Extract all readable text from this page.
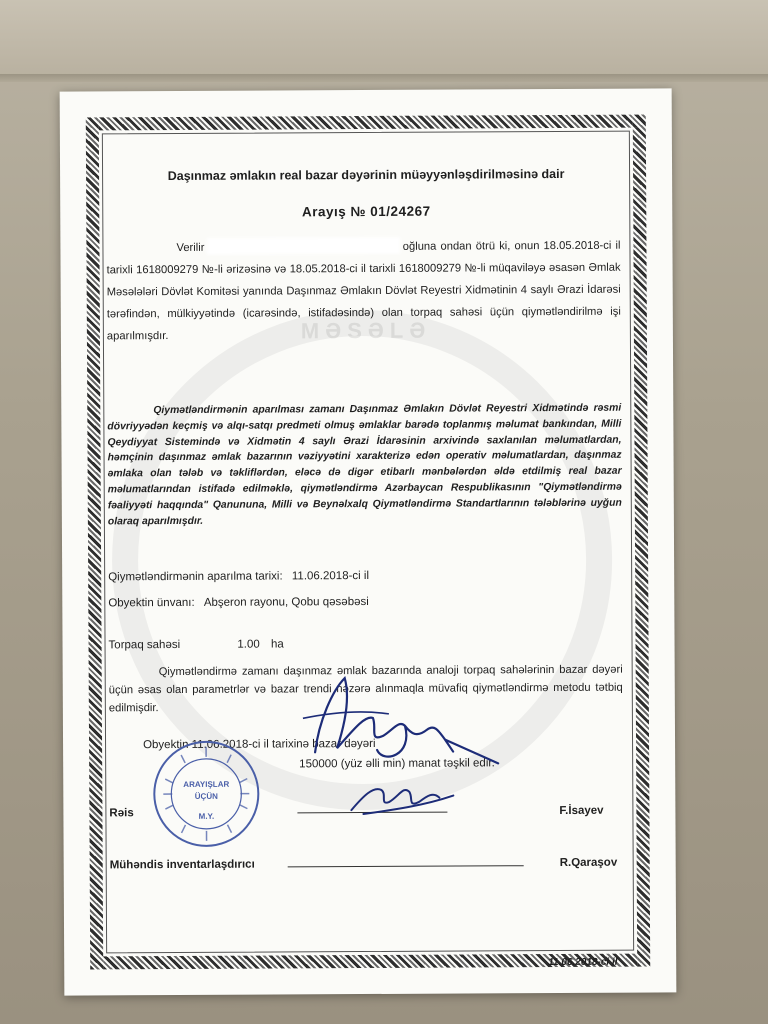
MƏSƏLƏ
Daşınmaz əmlakın real bazar dəyərinin müəyyənləşdirilməsinə dair
Arayış № 01/24267
Verilir	oğluna ondan ötrü ki, onun 18.05.2018-ci il tarixli 1618009279 №-li ərizəsinə və 18.05.2018-ci il tarixli 1618009279 №-li müqaviləyə əsasən Əmlak Məsələləri Dövlət Komitəsi yanında Daşınmaz Əmlakın Dövlət Reyestri Xidmətinin 4 saylı Ərazi İdarəsi tərəfindən, mülkiyyətində (icarəsində, istifadəsində) olan torpaq sahəsi üçün qiymətləndirilmə işi aparılmışdır.
Qiymətləndirmənin aparılması zamanı Daşınmaz Əmlakın Dövlət Reyestri Xidmətində rəsmi dövriyyədən keçmiş və alqı-satqı predmeti olmuş əmlaklar barədə toplanmış məlumat bankından, Milli Qeydiyyat Sistemində və Xidmətin 4 saylı Ərazi İdarəsinin arxivində saxlanılan məlumatlardan, həmçinin daşınmaz əmlak bazarının vəziyyətini xarakterizə edən operativ məlumatlardan, daşınmaz əmlaka olan tələb və təkliflərdən, eləcə də digər etibarlı mənbələrdən əldə etdilmiş real bazar məlumatlarından istifadə edilməklə, qiymətləndirmə Azərbaycan Respublikasının "Qiymətləndirmə fəaliyyəti haqqında" Qanununa, Milli və Beynəlxalq Qiymətləndirmə Standartlarının tələblərinə uyğun olaraq aparılmışdır.
Qiymətləndirmənin aparılma tarixi: 11.06.2018-ci il
Obyektin ünvanı: Abşeron rayonu, Qobu qəsəbəsi
Torpaq sahəsi	1.00 ha
Qiymətləndirmə zamanı daşınmaz əmlak bazarında analoji torpaq sahələrinin bazar dəyəri üçün əsas olan parametrlər və bazar trendi nəzərə alınmaqla müvafiq qiymətləndirmə metodu tətbiq edilmişdir.
Obyektin 11.06.2018-ci il tarixinə bazar dəyəri
150000 (yüz əlli min) manat təşkil edir.
Rəis	F.İsayev
Mühəndis inventarlaşdırıcı	R.Qaraşov
11.06.2018-ci il
ARAYIŞLAR
ÜÇÜN
M.Y.
